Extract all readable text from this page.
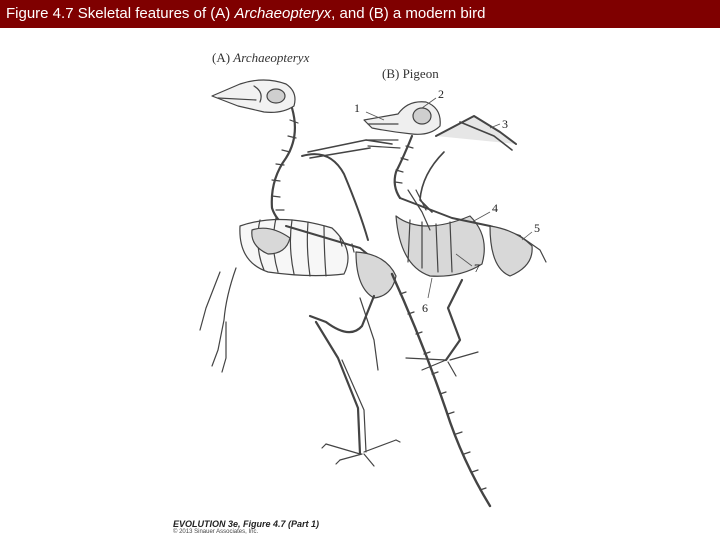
Figure 4.7 Skeletal features of (A) Archaeopteryx, and (B) a modern bird
(A) Archaeopteryx
(B) Pigeon
1
2
3
4
5
6
7
EVOLUTION 3e, Figure 4.7 (Part 1)
© 2013 Sinauer Associates, Inc.
